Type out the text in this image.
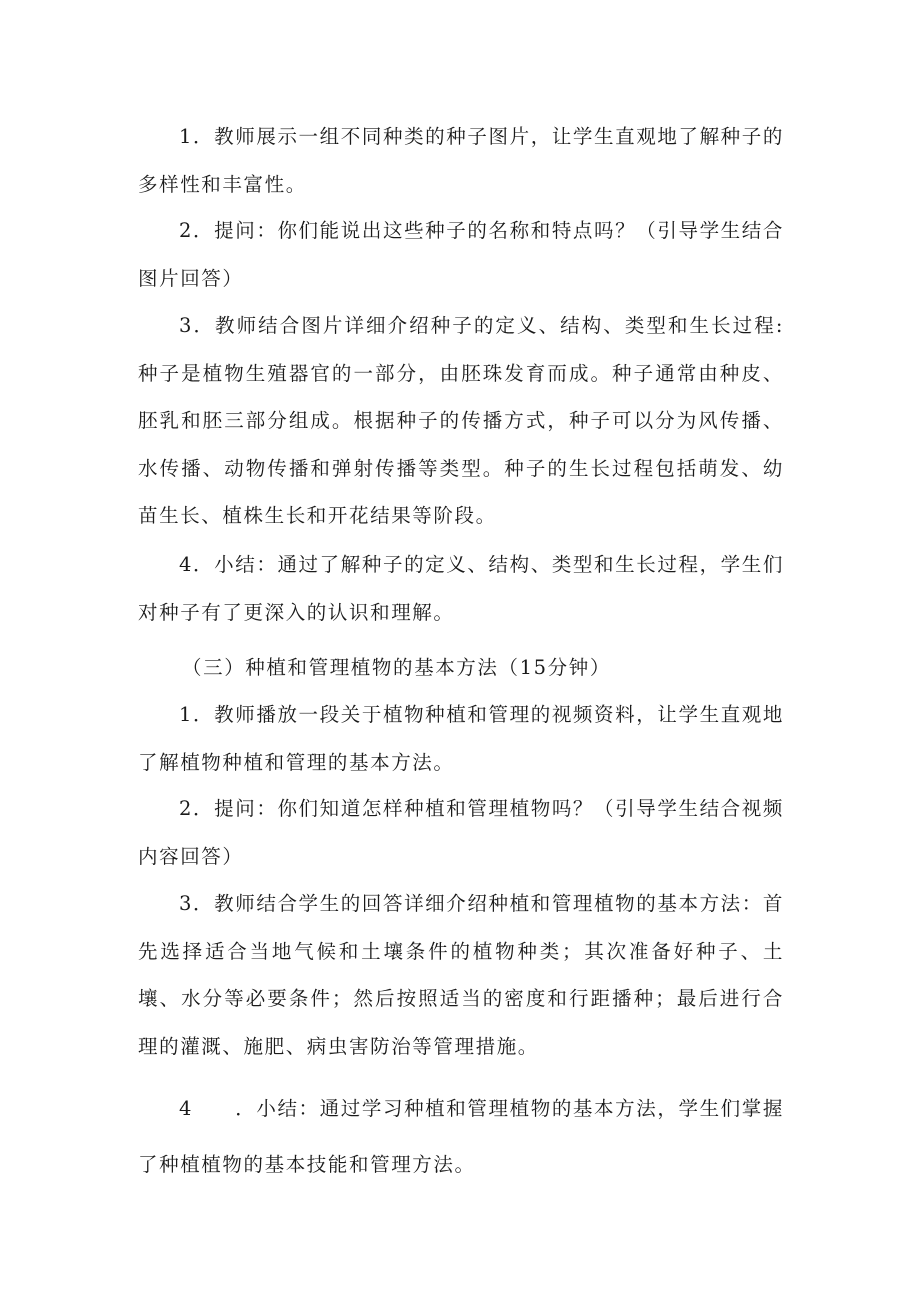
1．教师展示一组不同种类的种子图片，让学生直观地了解种子的多样性和丰富性。

2．提问：你们能说出这些种子的名称和特点吗？（引导学生结合图片回答）

3．教师结合图片详细介绍种子的定义、结构、类型和生长过程:种子是植物生殖器官的一部分，由胚珠发育而成。种子通常由种皮、胚乳和胚三部分组成。根据种子的传播方式，种子可以分为风传播、水传播、动物传播和弹射传播等类型。种子的生长过程包括萌发、幼苗生长、植株生长和开花结果等阶段。

4．小结：通过了解种子的定义、结构、类型和生长过程，学生们对种子有了更深入的认识和理解。

（三）种植和管理植物的基本方法（15分钟）

1．教师播放一段关于植物种植和管理的视频资料，让学生直观地了解植物种植和管理的基本方法。

2．提问：你们知道怎样种植和管理植物吗？（引导学生结合视频内容回答）

3．教师结合学生的回答详细介绍种植和管理植物的基本方法：首先选择适合当地气候和土壤条件的植物种类；其次准备好种子、土壤、水分等必要条件；然后按照适当的密度和行距播种；最后进行合理的灌溉、施肥、病虫害防治等管理措施。

4　　．小结：通过学习种植和管理植物的基本方法，学生们掌握了种植植物的基本技能和管理方法。
